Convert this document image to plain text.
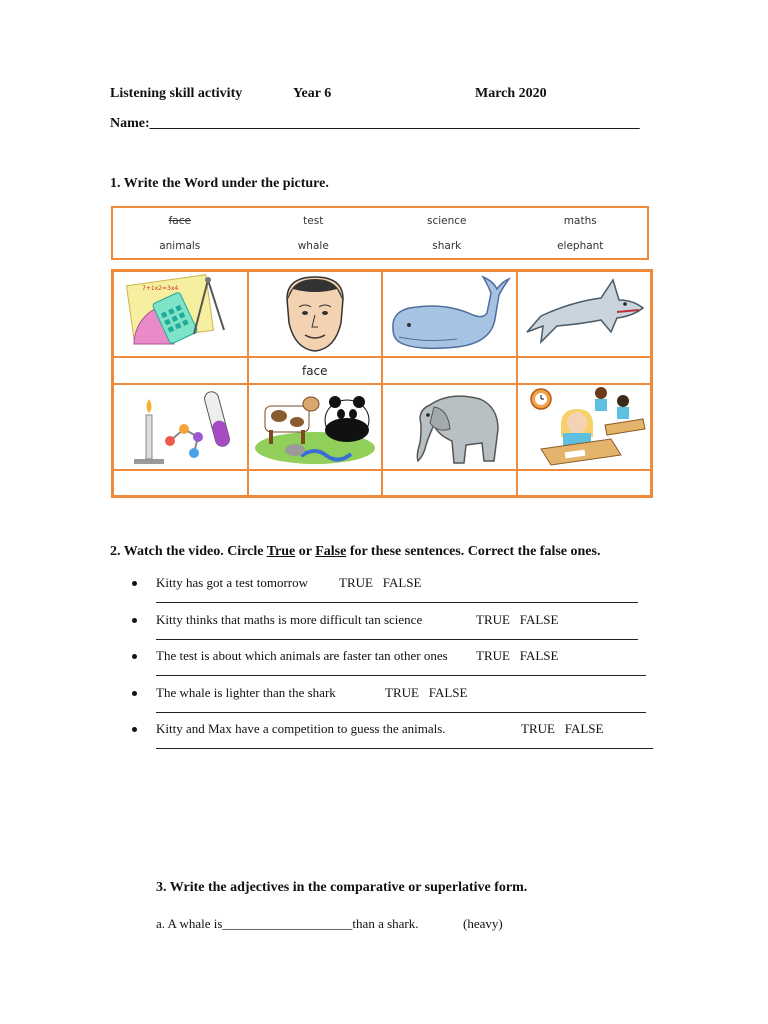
Listening skill activity	Year 6	March 2020
Name:______________________________________________________________________
1. Write the Word under the picture.
face	test	science	maths
animals	whale	shark	elephant
7+1x2=3x4
face
2. Watch the video. Circle True or False for these sentences. Correct the false ones.
Kitty has got a test tomorrow TRUE   FALSE
Kitty thinks that maths is more difficult tan science	TRUE   FALSE
The test is about which animals are faster tan other ones TRUE   FALSE
The whale is lighter than the shark	TRUE   FALSE
Kitty and Max have a competition to guess the animals.	TRUE   FALSE
3. Write the adjectives in the comparative or superlative form.
a. A whale is____________________than a shark.	(heavy)
